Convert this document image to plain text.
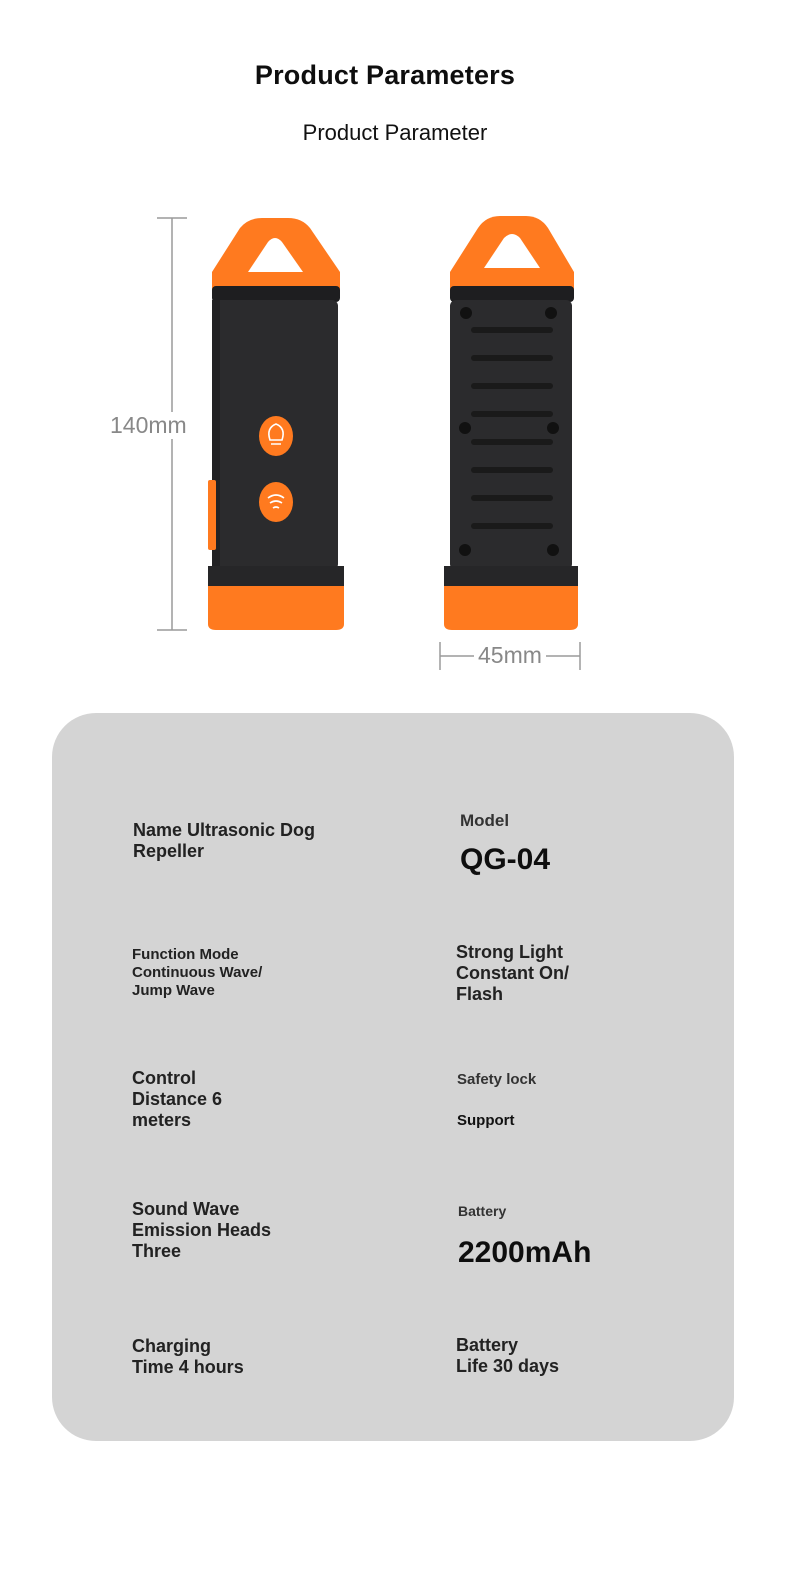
Product Parameters
Product Parameter
140mm
45mm
Name Ultrasonic Dog
Repeller
Model
QG-04
Function Mode
Continuous Wave/
Jump Wave
Strong Light
Constant On/
Flash
Control
Distance 6
meters
Safety lock
Support
Sound Wave
Emission Heads
Three
Battery
2200mAh
Charging
Time 4 hours
Battery
Life 30 days
